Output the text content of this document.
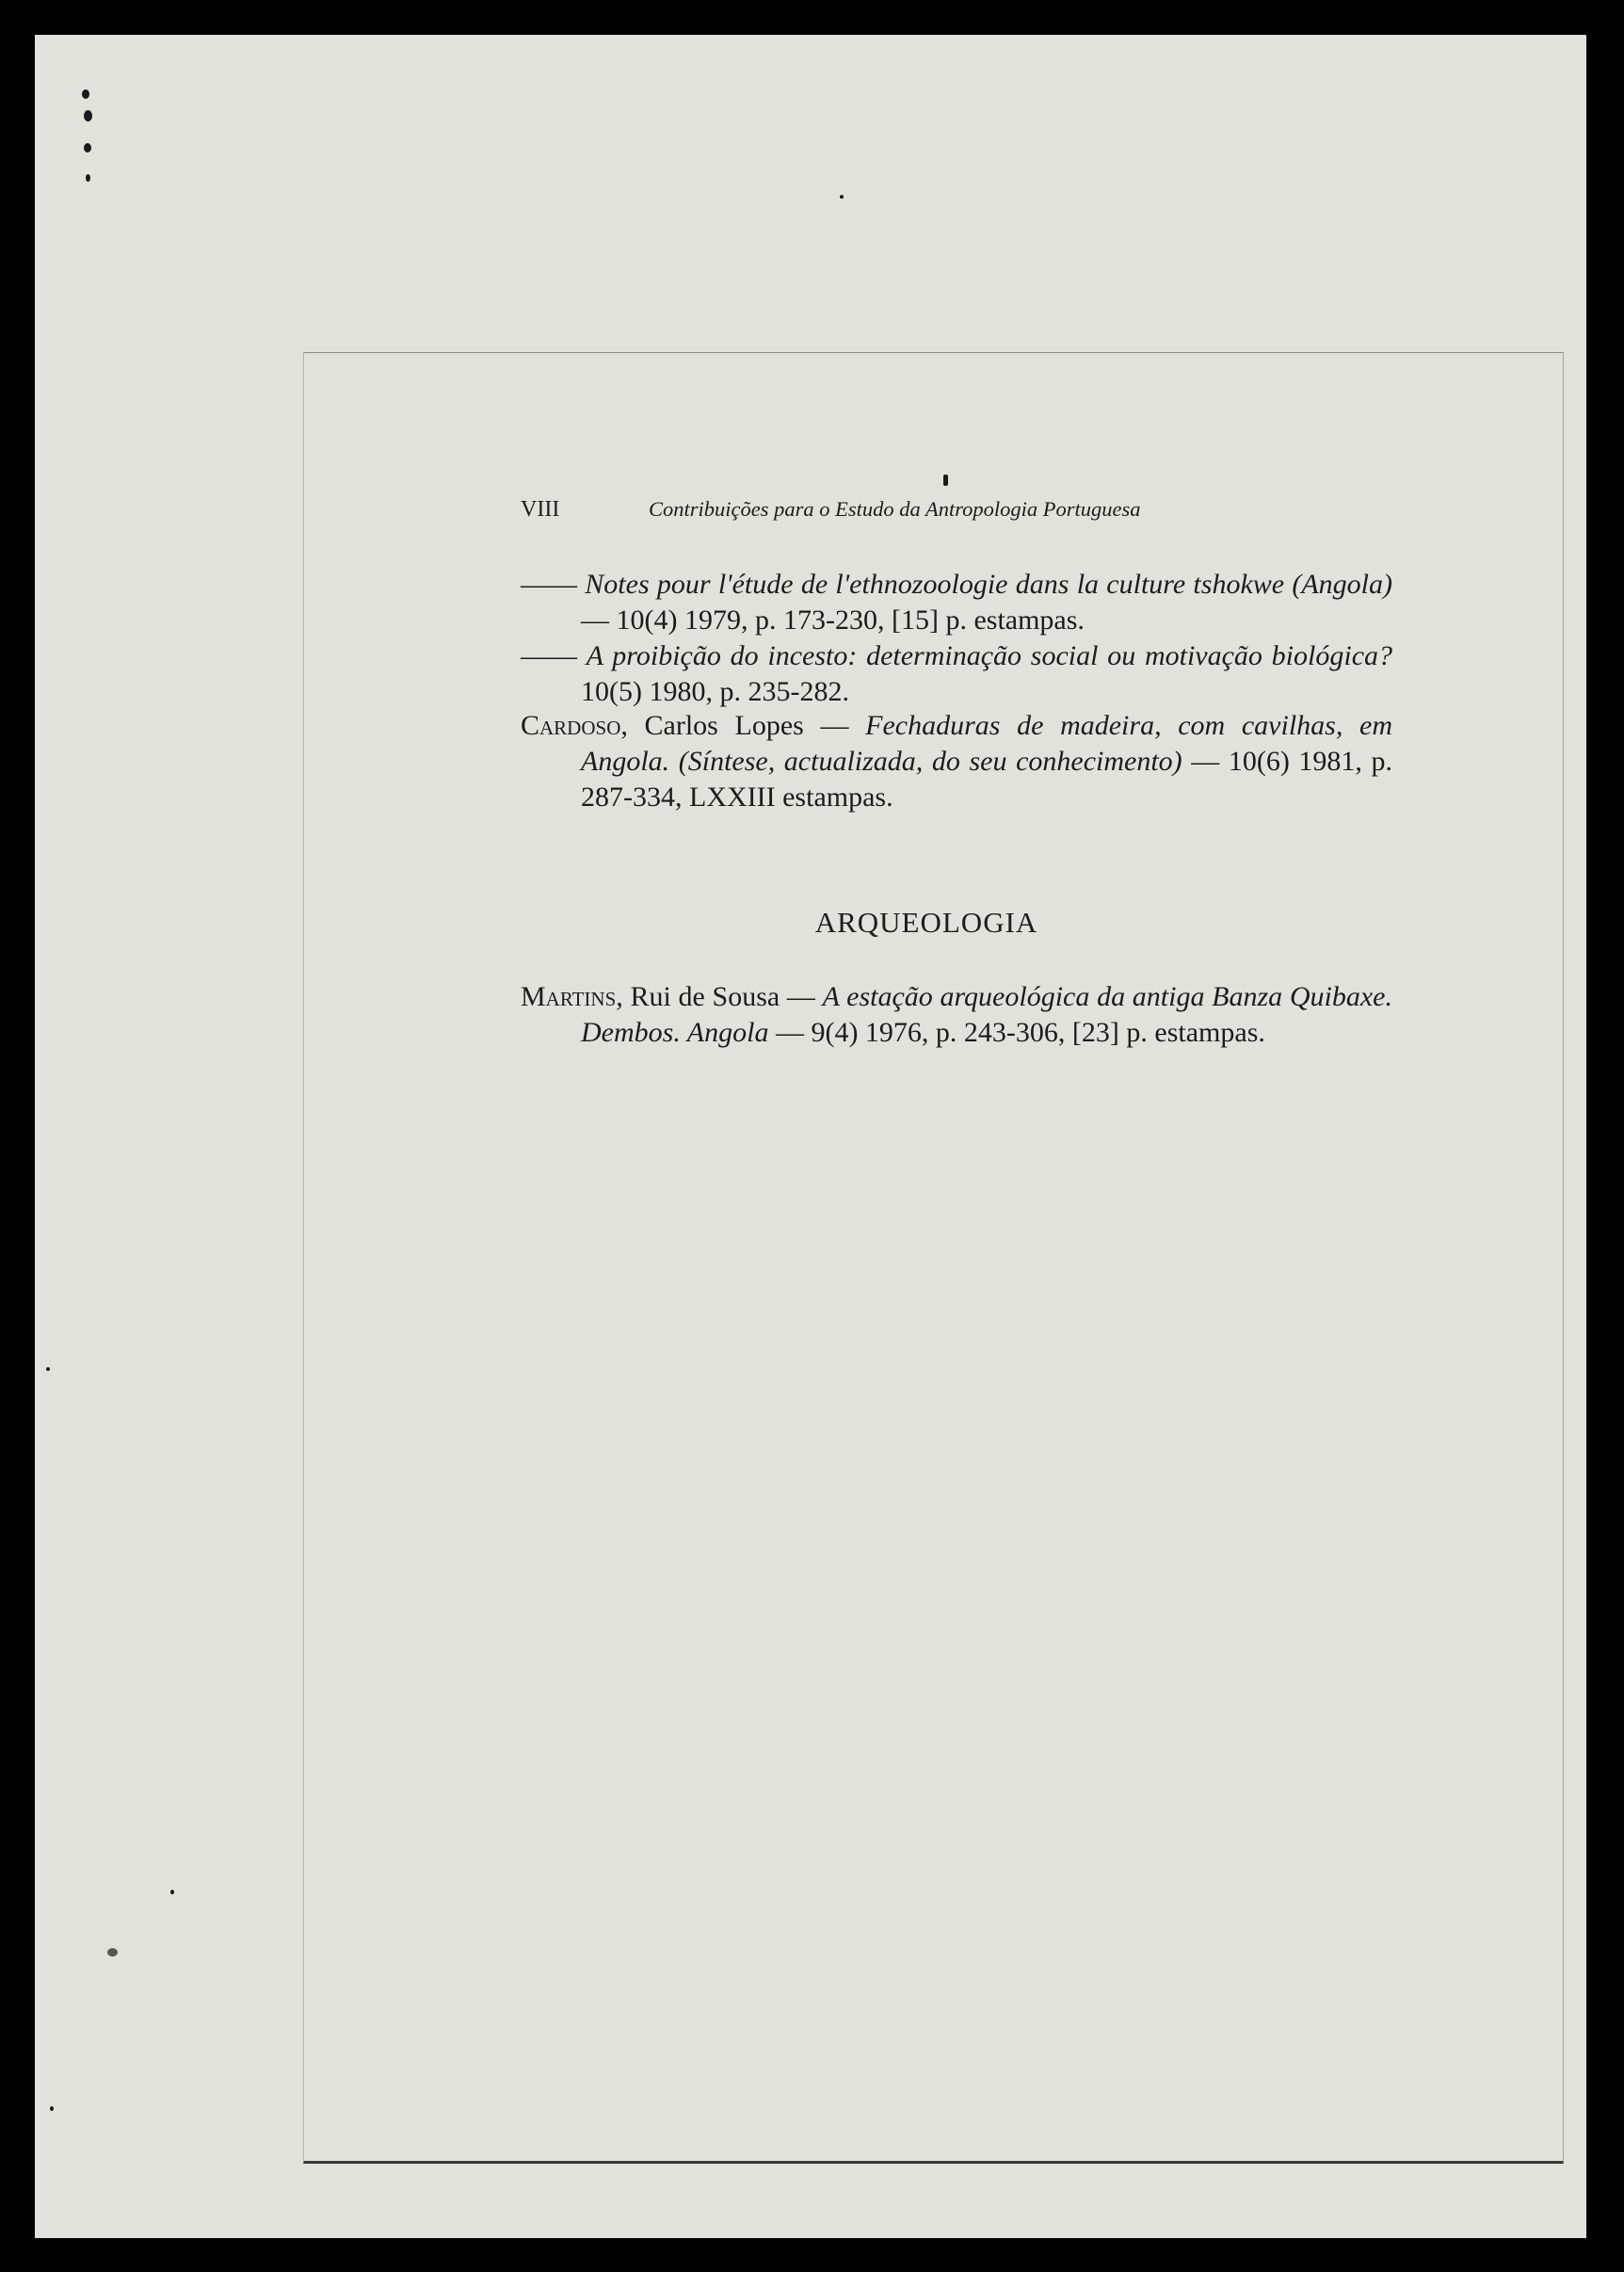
VIII	Contribuições para o Estudo da Antropologia Portuguesa

—— Notes pour l'étude de l'ethnozoologie dans la culture tshokwe (Angola) — 10(4) 1979, p. 173-230, [15] p. estampas.

—— A proibição do incesto: determinação social ou motivação biológica? 10(5) 1980, p. 235-282.

Cardoso, Carlos Lopes — Fechaduras de madeira, com cavilhas, em Angola. (Síntese, actualizada, do seu conhecimento) — 10(6) 1981, p. 287-334, LXXIII estampas.

ARQUEOLOGIA

Martins, Rui de Sousa — A estação arqueológica da antiga Banza Quibaxe. Dembos. Angola — 9(4) 1976, p. 243-306, [23] p. estampas.
